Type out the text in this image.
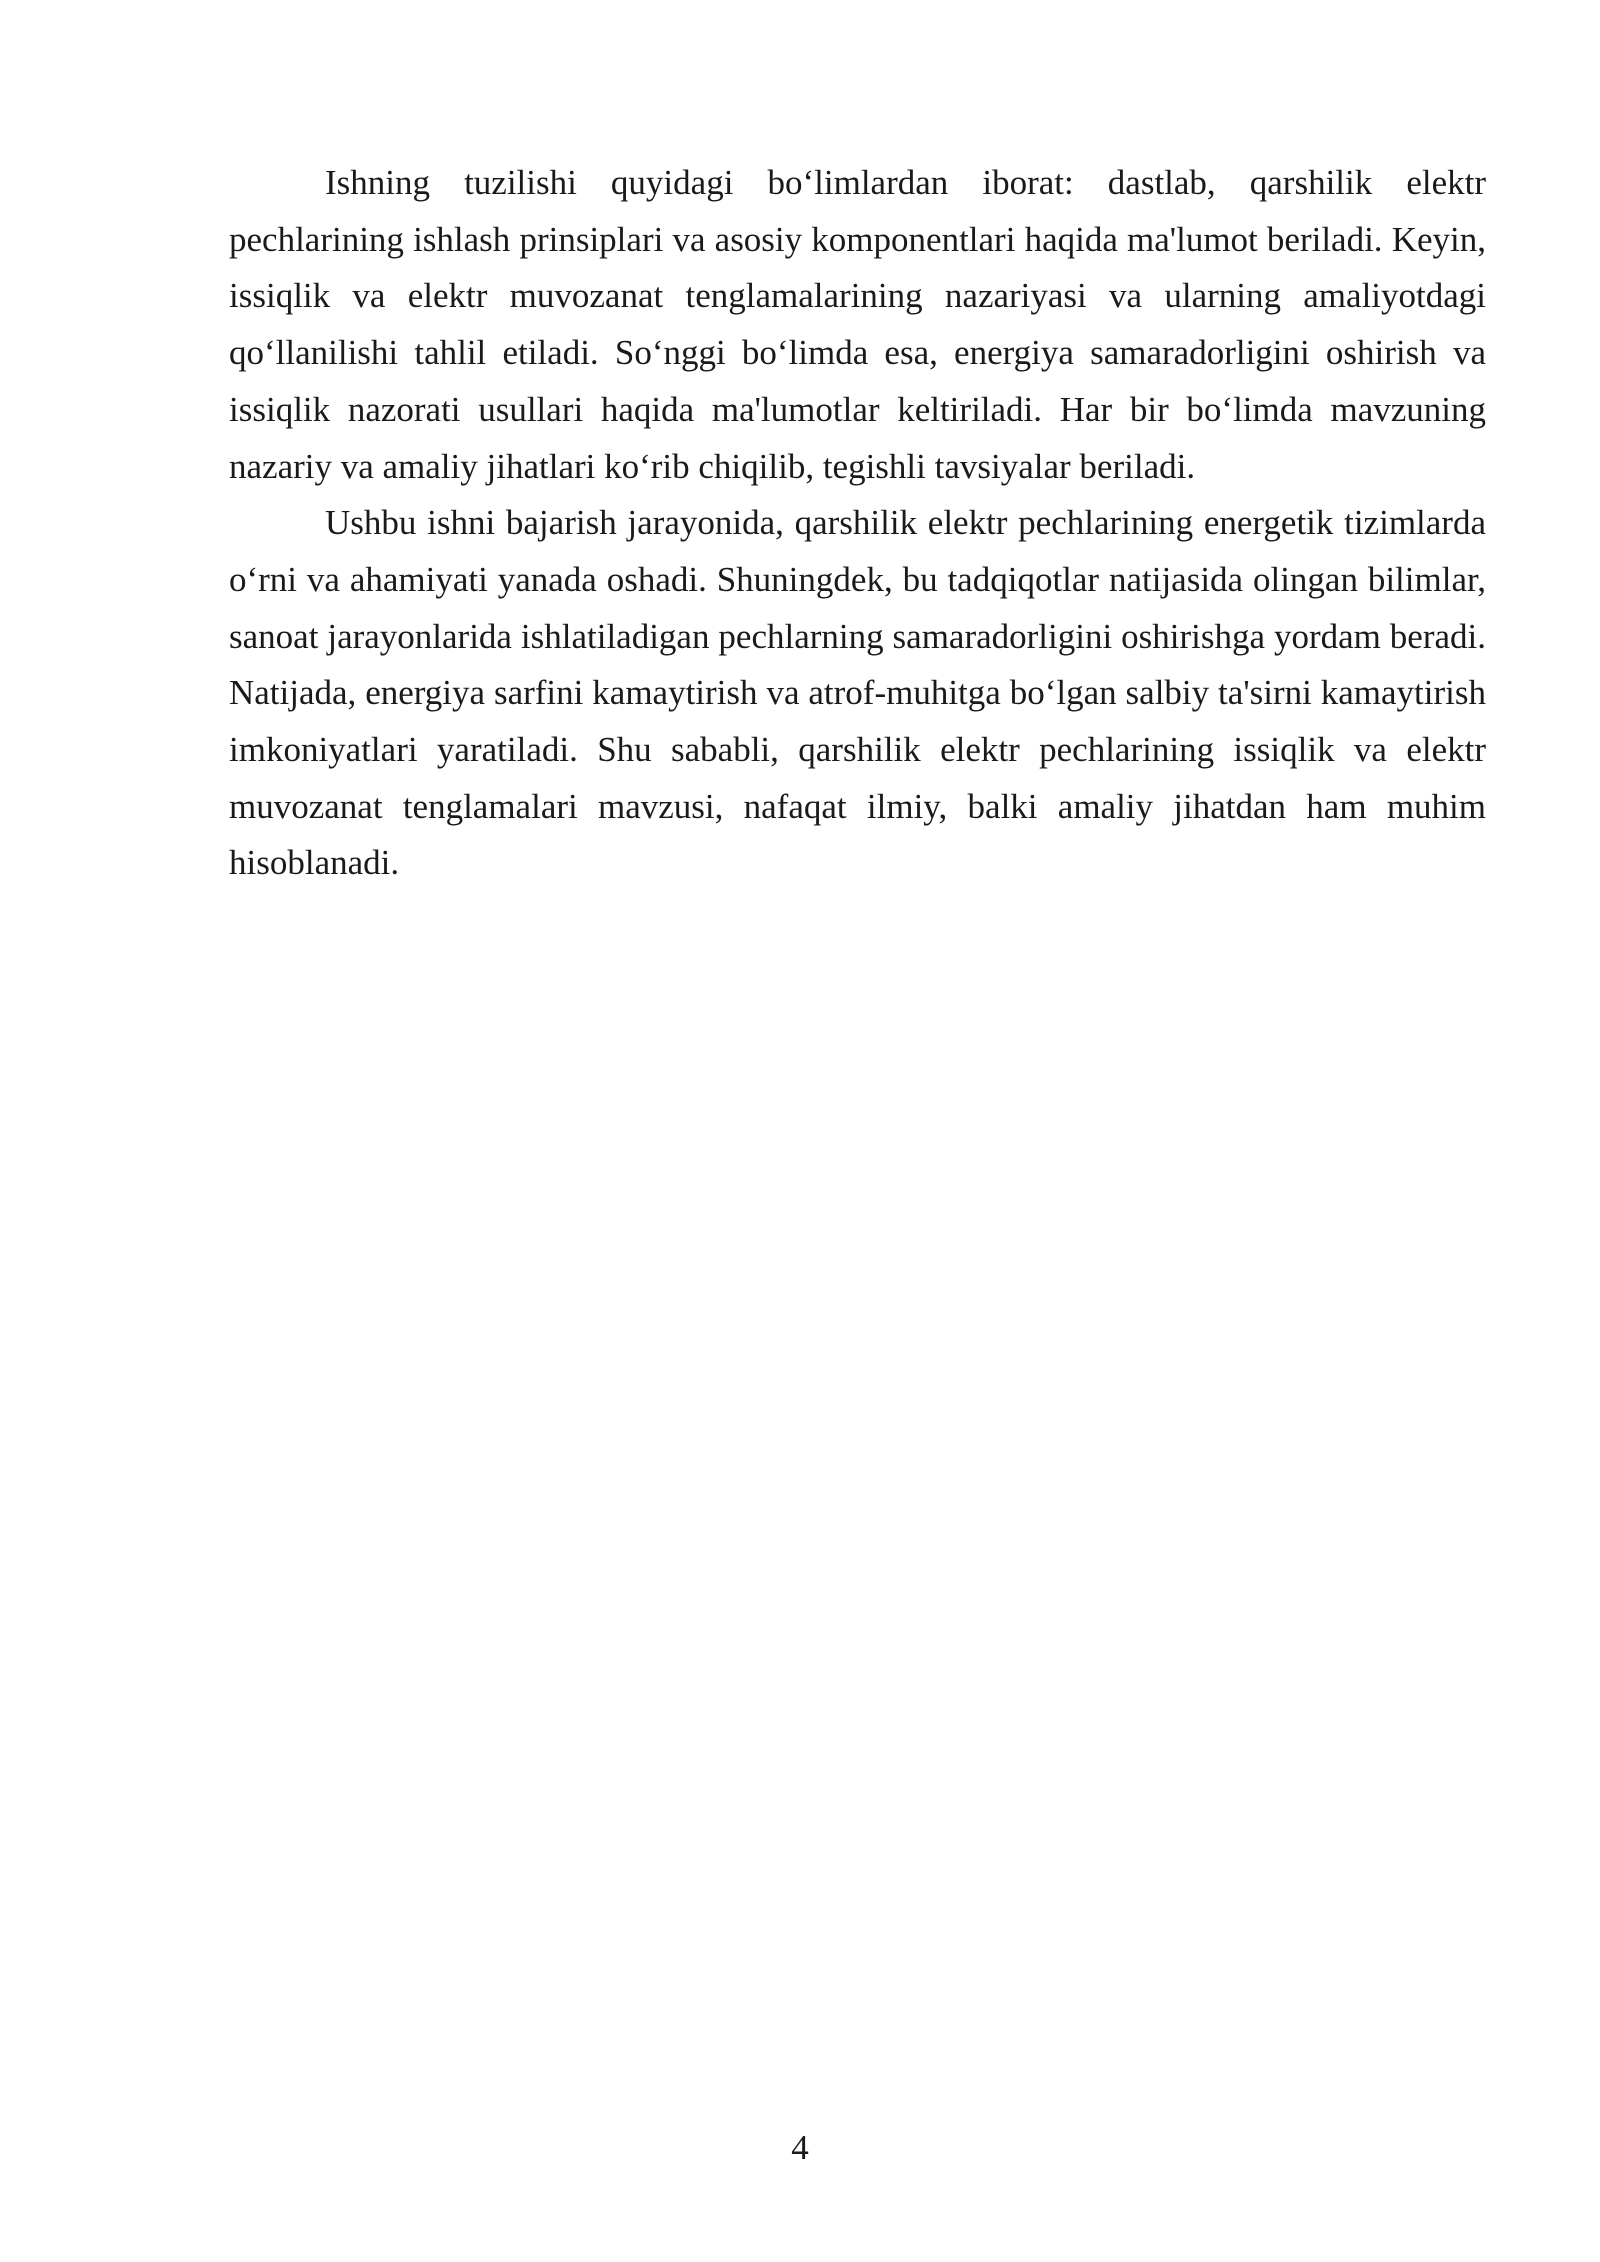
Ishning tuzilishi quyidagi bo‘limlardan iborat: dastlab, qarshilik elektr pechlarining ishlash prinsiplari va asosiy komponentlari haqida ma'lumot beriladi. Keyin, issiqlik va elektr muvozanat tenglamalarining nazariyasi va ularning amaliyotdagi qo‘llanilishi tahlil etiladi. So‘nggi bo‘limda esa, energiya samaradorligini oshirish va issiqlik nazorati usullari haqida ma'lumotlar keltiriladi. Har bir bo‘limda mavzuning nazariy va amaliy jihatlari ko‘rib chiqilib, tegishli tavsiyalar beriladi.

Ushbu ishni bajarish jarayonida, qarshilik elektr pechlarining energetik tizimlarda o‘rni va ahamiyati yanada oshadi. Shuningdek, bu tadqiqotlar natijasida olingan bilimlar, sanoat jarayonlarida ishlatiladigan pechlarning samaradorligini oshirishga yordam beradi. Natijada, energiya sarfini kamaytirish va atrof-muhitga bo‘lgan salbiy ta'sirni kamaytirish imkoniyatlari yaratiladi. Shu sababli, qarshilik elektr pechlarining issiqlik va elektr muvozanat tenglamalari mavzusi, nafaqat ilmiy, balki amaliy jihatdan ham muhim hisoblanadi.

4
